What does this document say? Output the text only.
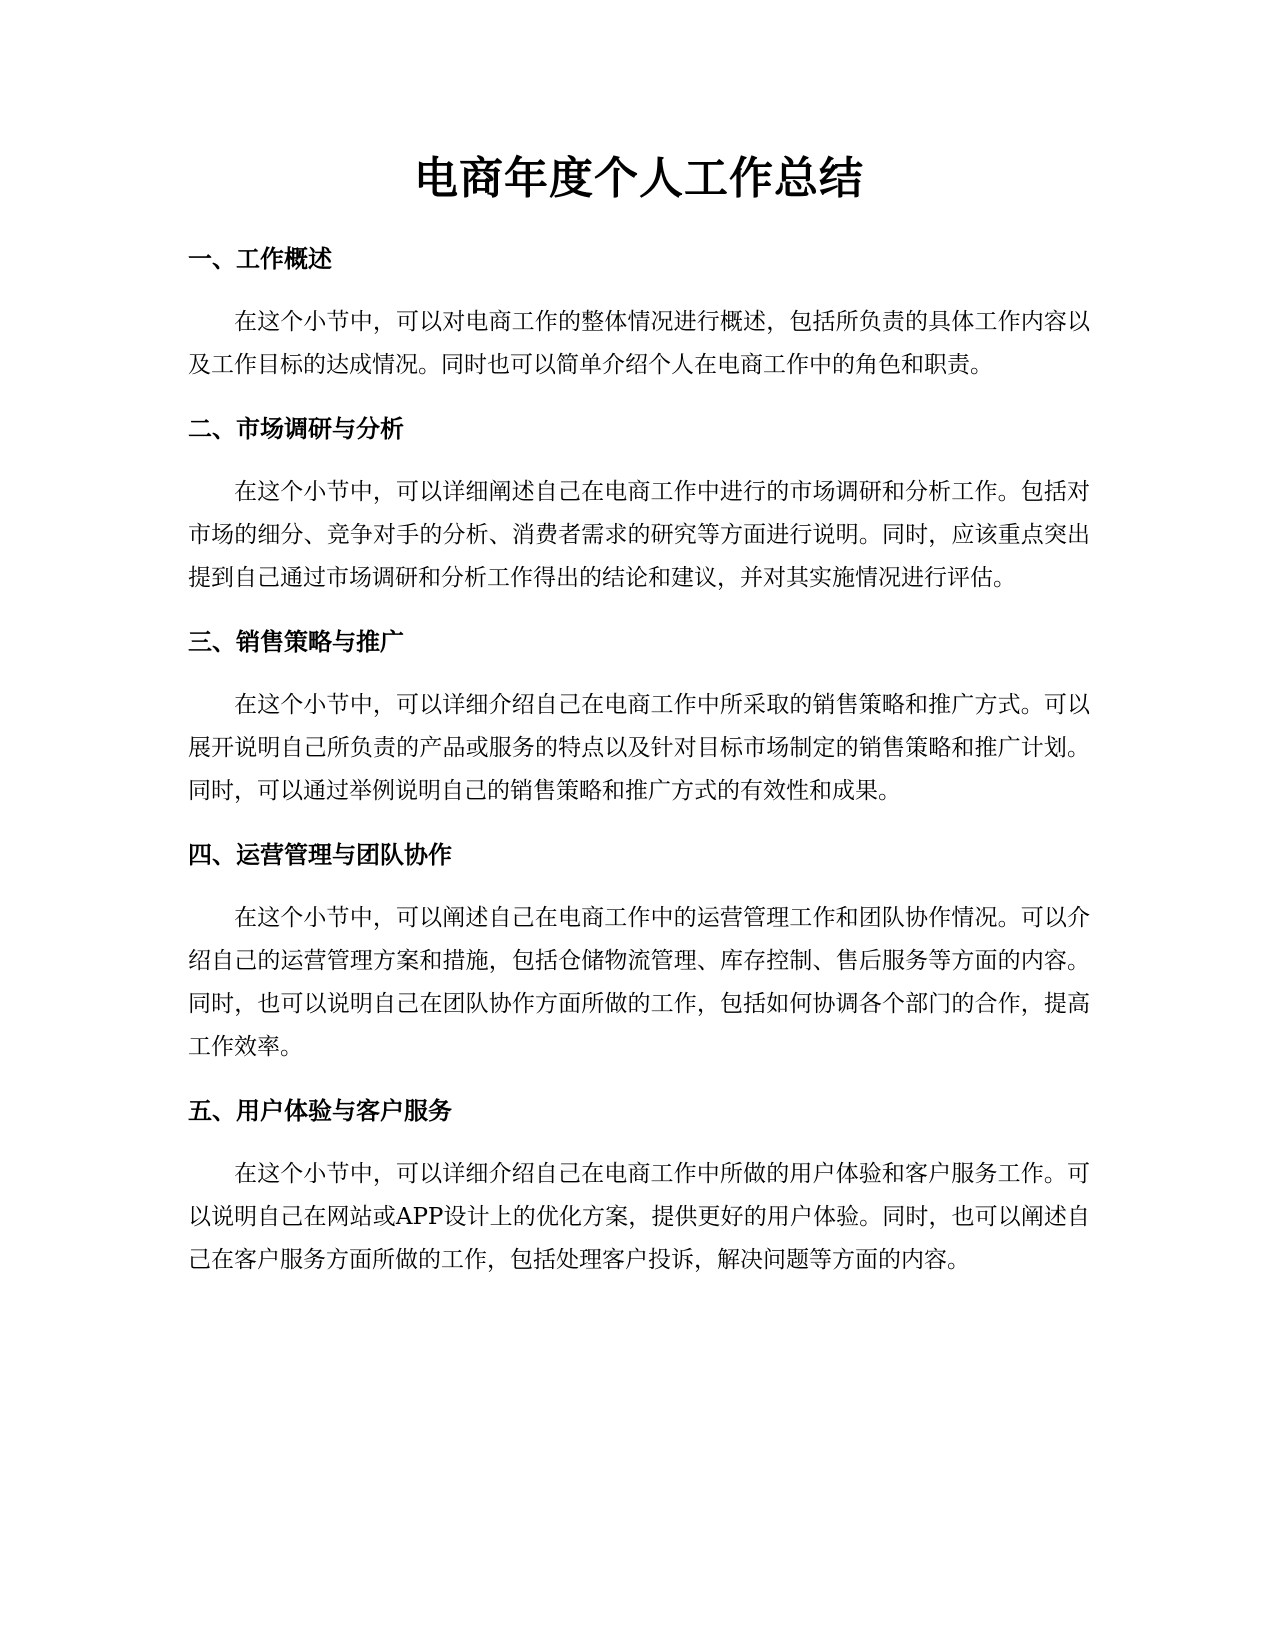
电商年度个人工作总结
一、工作概述

在这个小节中，可以对电商工作的整体情况进行概述，包括所负责的具体工作内容以及工作目标的达成情况。同时也可以简单介绍个人在电商工作中的角色和职责。

二、市场调研与分析

在这个小节中，可以详细阐述自己在电商工作中进行的市场调研和分析工作。包括对市场的细分、竞争对手的分析、消费者需求的研究等方面进行说明。同时，应该重点突出提到自己通过市场调研和分析工作得出的结论和建议，并对其实施情况进行评估。

三、销售策略与推广

在这个小节中，可以详细介绍自己在电商工作中所采取的销售策略和推广方式。可以展开说明自己所负责的产品或服务的特点以及针对目标市场制定的销售策略和推广计划。同时，可以通过举例说明自己的销售策略和推广方式的有效性和成果。

四、运营管理与团队协作

在这个小节中，可以阐述自己在电商工作中的运营管理工作和团队协作情况。可以介绍自己的运营管理方案和措施，包括仓储物流管理、库存控制、售后服务等方面的内容。同时，也可以说明自己在团队协作方面所做的工作，包括如何协调各个部门的合作，提高工作效率。

五、用户体验与客户服务

在这个小节中，可以详细介绍自己在电商工作中所做的用户体验和客户服务工作。可以说明自己在网站或APP设计上的优化方案，提供更好的用户体验。同时，也可以阐述自己在客户服务方面所做的工作，包括处理客户投诉，解决问题等方面的内容。
